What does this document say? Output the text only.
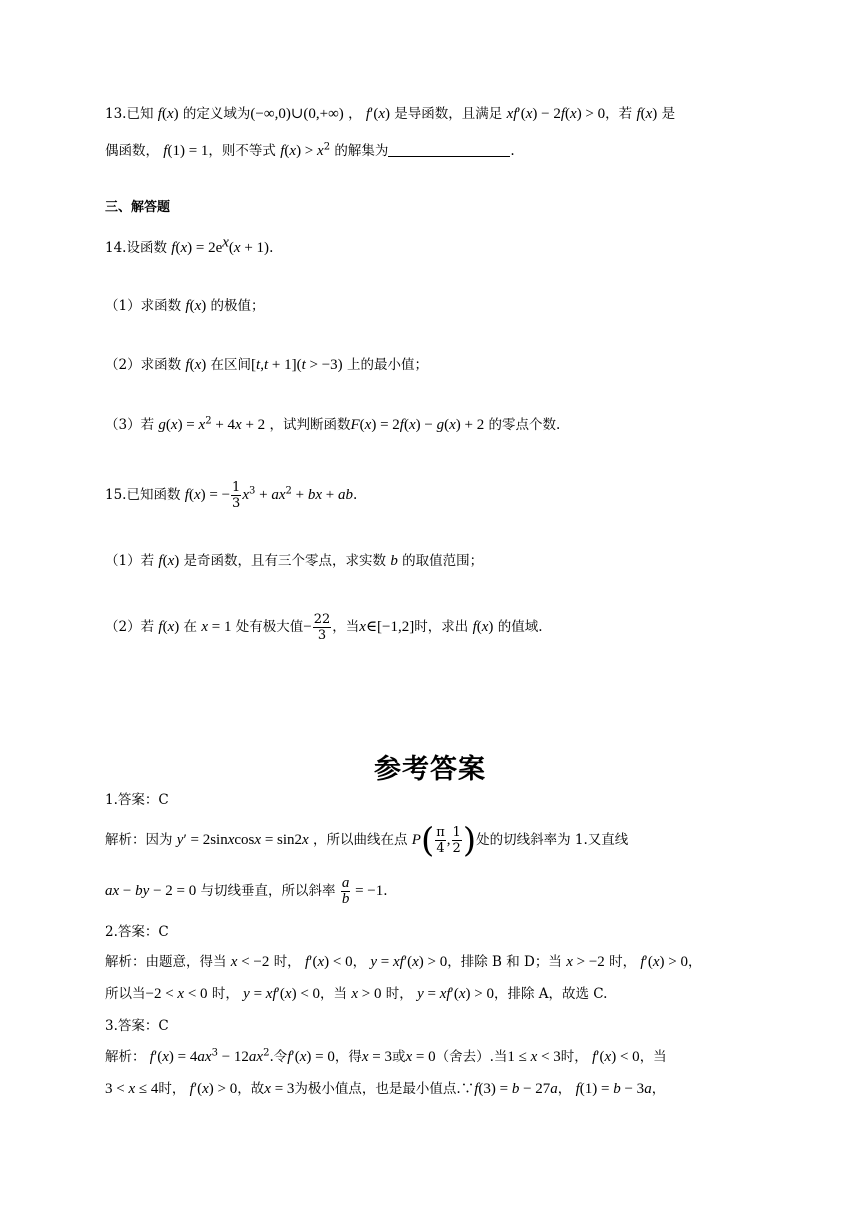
13.已知 f(x) 的定义域为(−∞,0)∪(0,+∞) ， f′(x) 是导函数，且满足 xf′(x) − 2f(x) > 0，若 f(x) 是
偶函数， f(1) = 1，则不等式 $f(x) > x^2$ 的解集为	.
三、解答题
14.设函数 $f(x) = 2e^x(x + 1)$.
（1）求函数 f(x) 的极值；
（2）求函数 f(x) 在区间[t,t + 1](t > −3) 上的最小值；
（3）若 $g(x) = x^2 + 4x + 2$ ，试判断函数F(x) = 2f(x) − g(x) + 2 的零点个数.
15.已知函数 f(x) = − $\frac{1}{3} x^3 + ax^2$ + bx + ab.
（1）若 f(x) 是奇函数，且有三个零点，求实数 b 的取值范围；
（2）若 f(x) 在 x = 1 处有极大值− $\frac{22}{3}$ ，当x∈[−1,2]时，求出 f(x) 的值域.
参考答案
1.答案：C
解析：因为 y′ = 2sinxcosx = sin2x ，所以曲线在点 $P( \frac{\pi}{4}$ , $\frac{1}{2}$ )处的切线斜率为 1.又直线
ax − by − 2 = 0 与切线垂直，所以斜率 $\frac{a}{b} = -1$.
2.答案：C
解析：由题意，得当 x < −2 时， f′(x) < 0， y = xf′(x) > 0，排除 B 和 D；当 x > −2 时， f′(x) > 0，
所以当−2 < x < 0 时， y = xf′(x) < 0，当 x > 0 时， y = xf′(x) > 0，排除 A，故选 C.
3.答案：C
解析： $f'(x) = 4ax^3 - 12ax^2$.令f′(x) = 0，得x = 3或x = 0（舍去）.当1 ≤ x < 3时， f′(x) < 0，当
3 < x ≤ 4时， f′(x) > 0，故x = 3为极小值点，也是最小值点.∵f(3) = b − 27a， f(1) = b − 3a，
